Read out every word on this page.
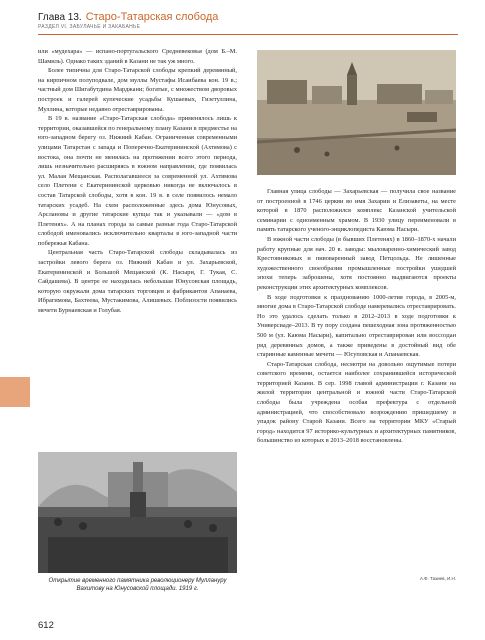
Глава 13. Старо-Татарская слобода
РАЗДЕЛ VI. ЗАБУЛАЧЬЕ И ЗАКАБАНЬЕ

или «мудехара» — испано-португальского Средневековья (дом Б.–М. Шамиль). Однако таких зданий в Казани не так уж много.

Более типичны для Старо-Татарской слободы крепкий деревянный, на кирпичном полуподвале, дом муллы Мустафы Исаибаева кон. 19 в.; частный дом Шигабутдина Марджани; богатые, с множеством дворовых построек и галерей купеческие усадьбы Кушаевых, Гизетуллина, Муллина, которые недавно отреставрированы.

В 19 в. название «Старо-Татарская слобода» применялось лишь к территории, оказавшейся по генеральному плану Казани в предместье на юго-западном берегу оз. Нижний Кабан. Ограниченная современными улицами Татарстан с запада и Поперечно-Екатерининской (Ахтямова) с востока, она почти не менялась на протяжении всего этого периода, лишь незначительно расширяясь в южном направлении, где появилась ул. Малая Мещанская. Располагавшееся за современной ул. Ахтямова село Плетени с Екатерининской церковью никогда не включалось в состав Татарской слободы, хотя в кон. 19 в. в селе появилось немало татарских усадеб. На схем расположенные здесь дома Юнусовых, Арслановы и другие татарские купцы так и указывали — «дом в Плетенях». А на планах города за самые разные года Старо-Татарской слободой именовались исключительно кварталы в юго-западной части побережья Кабана.

Центральная часть Старо-Татарской слободы складывалась из застройки левого берега оз. Нижний Кабан и ул. Захарьевской, Екатерининской и Большой Мещанской (К. Насыри, Г. Тукая, С. Сайдашева). В центре ее находилась небольшая Юнусовская площадь, которую окружали дома татарских торговцев и фабрикантов Апанаева, Ибрагимова, Бахтеева, Мустакимова, Алишевых. Поблизости появились мечети Бурнаевская и Голубая.

Главная улица слободы — Захарьевская — получила свое название от построенной в 1746 церкви во имя Захарии и Елизаветы, на месте которой в 1870 расположился комплекс Казанской учительской семинарии с одноименным храмом. В 1930 улицу переименовали в память татарского ученого-энциклопедиста Каюма Насыри.

В южной части слободы (в бывших Плетенях) в 1860–1870-х начали работу крупные для нач. 20 в. заводы: мыловаренно-химический завод Крестовниковых и пивоваренный завод Петцольда. Не лишенные художественного своеобразия промышленные постройки ушедшей эпохи теперь заброшены, хотя постоянно выдвигаются проекты реконструкции этих архитектурных комплексов.

В ходе подготовки к празднованию 1000-летия города, в 2005-м, многие дома в Старо-Татарской слободе намеревались отреставрировать. Но это удалось сделать только в 2012–2013 в ходе подготовки к Универсиаде–2013. В ту пору создана пешеходная зона протяженностью 500 м (ул. Каюма Насыри), капитально отреставрирован или воссоздан ряд деревянных домов, а также приведены в достойный вид обе старинные каменные мечети — Юсуповская и Апанаевская.

Старо-Татарская слобода, несмотря на довольно ощутимые потери советского времени, остается наиболее сохранившейся исторической территорией Казани. В сер. 1998 главой администрации г. Казани на жилой территории центральной и южной части Старо-Татарской слободы была учреждена особая префектура с отдельной администрацией, что способствовало возрождению пришедшему в упадок району Старой Казани. Всего на территории МКУ «Старый город» находится 97 историко-культурных и архитектурных памятников, большинство из которых в 2013–2018 восстановлены.

Открытие временного памятника революционеру Муллануру Вахитову на Юнусовской площади. 1919 г.
А.Ф. Тазиев, И.Н.
612
